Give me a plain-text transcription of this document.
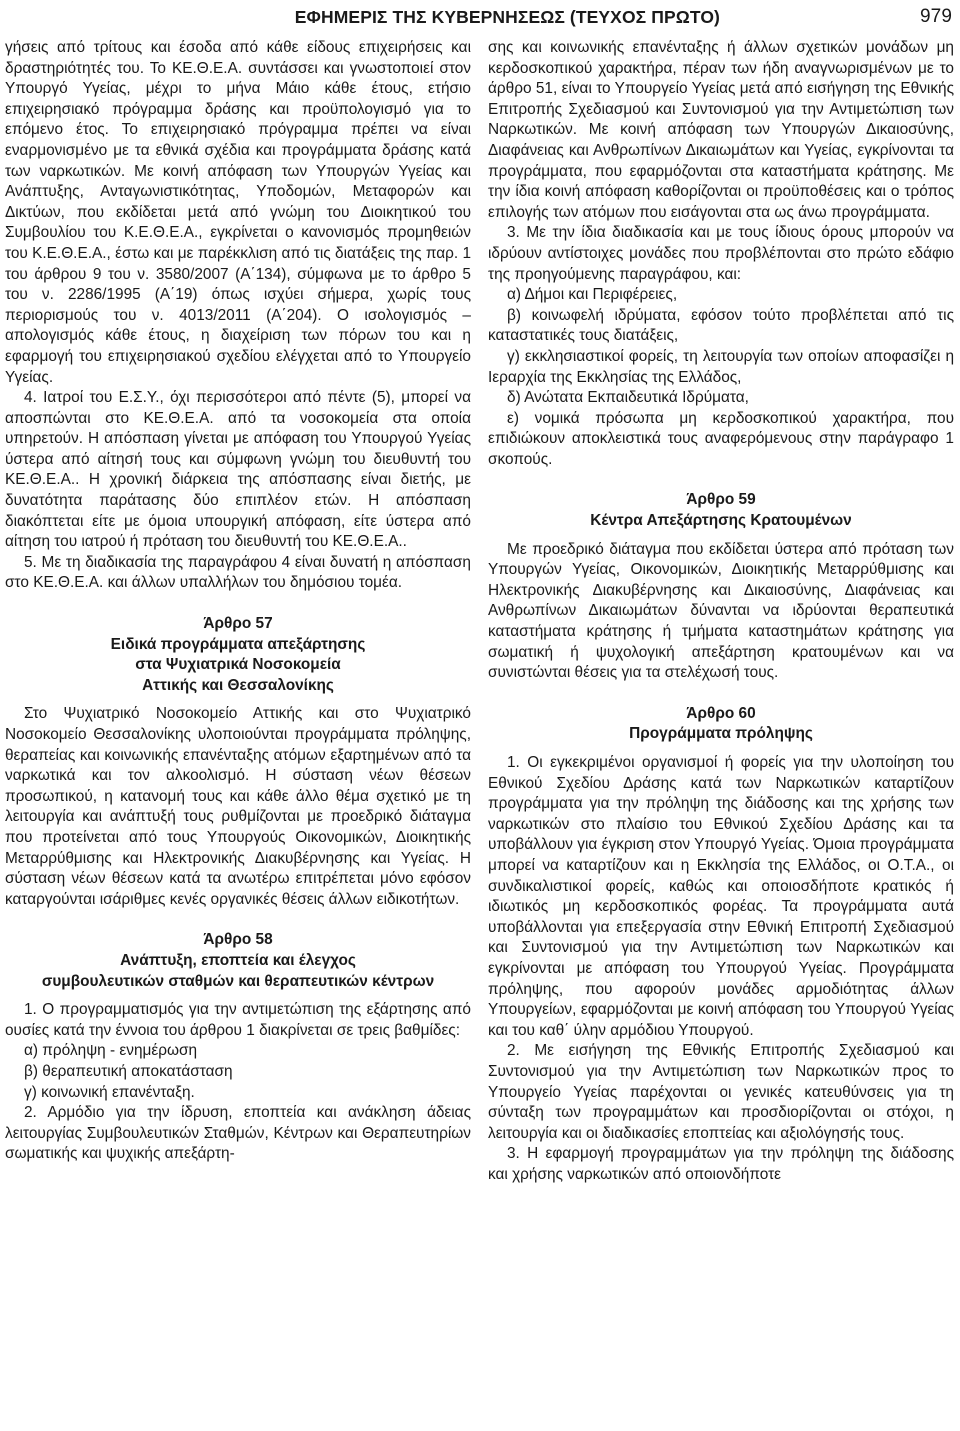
ΕΦΗΜΕΡΙΣ ΤΗΣ ΚΥΒΕΡΝΗΣΕΩΣ (ΤΕΥΧΟΣ ΠΡΩΤΟ)	979

γήσεις από τρίτους και έσοδα από κάθε είδους επιχειρήσεις και δραστηριότητές του. Το ΚΕ.Θ.Ε.Α. συντάσσει και γνωστοποιεί στον Υπουργό Υγείας, μέχρι το μήνα Μάιο κάθε έτους, ετήσιο επιχειρησιακό πρόγραμμα δράσης και προϋπολογισμό για το επόμενο έτος. Το επιχειρησιακό πρόγραμμα πρέπει να είναι εναρμονισμένο με τα εθνικά σχέδια και προγράμματα δράσης κατά των ναρκωτικών. Με κοινή απόφαση των Υπουργών Υγείας και Ανάπτυξης, Ανταγωνιστικότητας, Υποδομών, Μεταφορών και Δικτύων, που εκδίδεται μετά από γνώμη του Διοικητικού του Συμβουλίου του Κ.Ε.Θ.Ε.Α., εγκρίνεται ο κανονισμός προμηθειών του Κ.Ε.Θ.Ε.Α., έστω και με παρέκκλιση από τις διατάξεις της παρ. 1 του άρθρου 9 του ν. 3580/2007 (Α΄134), σύμφωνα με το άρθρο 5 του ν. 2286/1995 (Α΄19) όπως ισχύει σήμερα, χωρίς τους περιορισμούς του ν. 4013/2011 (Α΄204). Ο ισολογισμός – απολογισμός κάθε έτους, η διαχείριση των πόρων του και η εφαρμογή του επιχειρησιακού σχεδίου ελέγχεται από το Υπουργείο Υγείας.

4. Ιατροί του Ε.Σ.Υ., όχι περισσότεροι από πέντε (5), μπορεί να αποσπώνται στο ΚΕ.Θ.Ε.Α. από τα νοσοκομεία στα οποία υπηρετούν. Η απόσπαση γίνεται με απόφαση του Υπουργού Υγείας ύστερα από αίτησή τους και σύμφωνη γνώμη του διευθυντή του ΚΕ.Θ.Ε.Α.. Η χρονική διάρκεια της απόσπασης είναι διετής, με δυνατότητα παράτασης δύο επιπλέον ετών. Η απόσπαση διακόπτεται είτε με όμοια υπουργική απόφαση, είτε ύστερα από αίτηση του ιατρού ή πρόταση του διευθυντή του ΚΕ.Θ.Ε.Α..

5. Με τη διαδικασία της παραγράφου 4 είναι δυνατή η απόσπαση στο ΚΕ.Θ.Ε.Α. και άλλων υπαλλήλων του δημόσιου τομέα.

Άρθρο 57
Ειδικά προγράμματα απεξάρτησης
στα Ψυχιατρικά Νοσοκομεία
Αττικής και Θεσσαλονίκης

Στο Ψυχιατρικό Νοσοκομείο Αττικής και στο Ψυχιατρικό Νοσοκομείο Θεσσαλονίκης υλοποιούνται προγράμματα πρόληψης, θεραπείας και κοινωνικής επανένταξης ατόμων εξαρτημένων από τα ναρκωτικά και τον αλκοολισμό. Η σύσταση νέων θέσεων προσωπικού, η κατανομή τους και κάθε άλλο θέμα σχετικό με τη λειτουργία και ανάπτυξή τους ρυθμίζονται με προεδρικό διάταγμα που προτείνεται από τους Υπουργούς Οικονομικών, Διοικητικής Μεταρρύθμισης και Ηλεκτρονικής Διακυβέρνησης και Υγείας. Η σύσταση νέων θέσεων κατά τα ανωτέρω επιτρέπεται μόνο εφόσον καταργούνται ισάριθμες κενές οργανικές θέσεις άλλων ειδικοτήτων.

Άρθρο 58
Ανάπτυξη, εποπτεία και έλεγχος
συμβουλευτικών σταθμών και θεραπευτικών κέντρων

1. Ο προγραμματισμός για την αντιμετώπιση της εξάρτησης από ουσίες κατά την έννοια του άρθρου 1 διακρίνεται σε τρεις βαθμίδες:

α) πρόληψη - ενημέρωση

β) θεραπευτική αποκατάσταση

γ) κοινωνική επανένταξη.

2. Αρμόδιο για την ίδρυση, εποπτεία και ανάκληση άδειας λειτουργίας Συμβουλευτικών Σταθμών, Κέντρων και Θεραπευτηρίων σωματικής και ψυχικής απεξάρτη-

σης και κοινωνικής επανένταξης ή άλλων σχετικών μονάδων μη κερδοσκοπικού χαρακτήρα, πέραν των ήδη αναγνωρισμένων με το άρθρο 51, είναι το Υπουργείο Υγείας μετά από εισήγηση της Εθνικής Επιτροπής Σχεδιασμού και Συντονισμού για την Αντιμετώπιση των Ναρκωτικών. Με κοινή απόφαση των Υπουργών Δικαιοσύνης, Διαφάνειας και Ανθρωπίνων Δικαιωμάτων και Υγείας, εγκρίνονται τα προγράμματα, που εφαρμόζονται στα καταστήματα κράτησης. Με την ίδια κοινή απόφαση καθορίζονται οι προϋποθέσεις και ο τρόπος επιλογής των ατόμων που εισάγονται στα ως άνω προγράμματα.

3. Με την ίδια διαδικασία και με τους ίδιους όρους μπορούν να ιδρύουν αντίστοιχες μονάδες που προβλέπονται στο πρώτο εδάφιο της προηγούμενης παραγράφου, και:

α) Δήμοι και Περιφέρειες,

β) κοινωφελή ιδρύματα, εφόσον τούτο προβλέπεται από τις καταστατικές τους διατάξεις,

γ) εκκλησιαστικοί φορείς, τη λειτουργία των οποίων αποφασίζει η Ιεραρχία της Εκκλησίας της Ελλάδος,

δ) Ανώτατα Εκπαιδευτικά Ιδρύματα,

ε) νομικά πρόσωπα μη κερδοσκοπικού χαρακτήρα, που επιδιώκουν αποκλειστικά τους αναφερόμενους στην παράγραφο 1 σκοπούς.

Άρθρο 59
Κέντρα Απεξάρτησης Κρατουμένων

Με προεδρικό διάταγμα που εκδίδεται ύστερα από πρόταση των Υπουργών Υγείας, Οικονομικών, Διοικητικής Μεταρρύθμισης και Ηλεκτρονικής Διακυβέρνησης και Δικαιοσύνης, Διαφάνειας και Ανθρωπίνων Δικαιωμάτων δύνανται να ιδρύονται θεραπευτικά καταστήματα κράτησης ή τμήματα καταστημάτων κράτησης για σωματική ή ψυχολογική απεξάρτηση κρατουμένων και να συνιστώνται θέσεις για τα στελέχωσή τους.

Άρθρο 60
Προγράμματα πρόληψης

1. Οι εγκεκριμένοι οργανισμοί ή φορείς για την υλοποίηση του Εθνικού Σχεδίου Δράσης κατά των Ναρκωτικών καταρτίζουν προγράμματα για την πρόληψη της διάδοσης και της χρήσης των ναρκωτικών στο πλαίσιο του Εθνικού Σχεδίου Δράσης και τα υποβάλλουν για έγκριση στον Υπουργό Υγείας. Όμοια προγράμματα μπορεί να καταρτίζουν και η Εκκλησία της Ελλάδος, οι Ο.Τ.Α., οι συνδικαλιστικοί φορείς, καθώς και οποιοσδήποτε κρατικός ή ιδιωτικός μη κερδοσκοπικός φορέας. Τα προγράμματα αυτά υποβάλλονται για επεξεργασία στην Εθνική Επιτροπή Σχεδιασμού και Συντονισμού για την Αντιμετώπιση των Ναρκωτικών και εγκρίνονται με απόφαση του Υπουργού Υγείας. Προγράμματα πρόληψης, που αφορούν μονάδες αρμοδιότητας άλλων Υπουργείων, εφαρμόζονται με κοινή απόφαση του Υπουργού Υγείας και του καθ΄ ύλην αρμόδιου Υπουργού.

2. Με εισήγηση της Εθνικής Επιτροπής Σχεδιασμού και Συντονισμού για την Αντιμετώπιση των Ναρκωτικών προς το Υπουργείο Υγείας παρέχονται οι γενικές κατευθύνσεις για τη σύνταξη των προγραμμάτων και προσδιορίζονται οι στόχοι, η λειτουργία και οι διαδικασίες εποπτείας και αξιολόγησής τους.

3. Η εφαρμογή προγραμμάτων για την πρόληψη της διάδοσης και χρήσης ναρκωτικών από οποιονδήποτε
